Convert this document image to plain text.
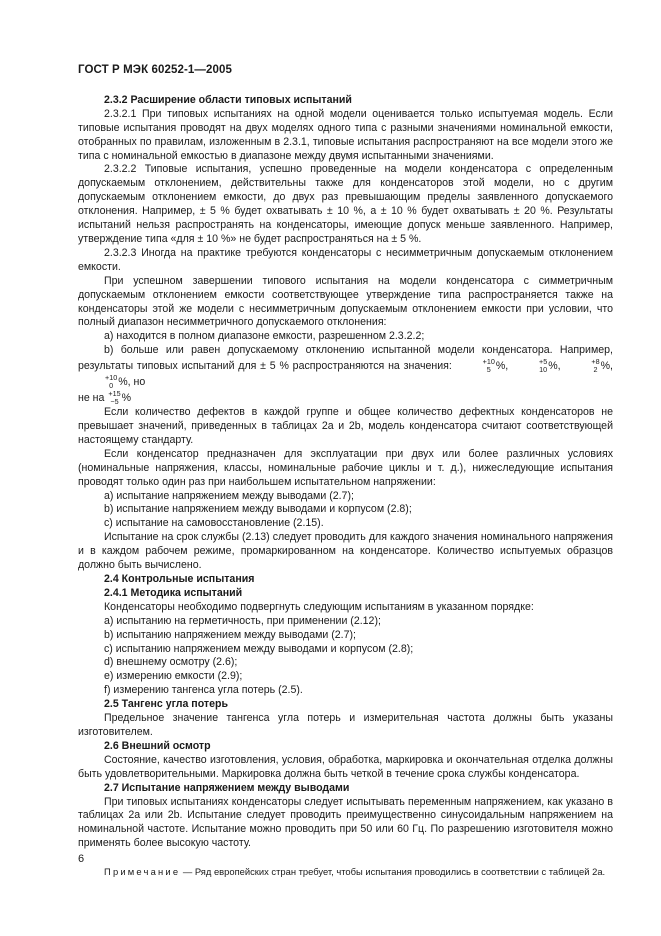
ГОСТ Р МЭК 60252-1—2005

2.3.2 Расширение области типовых испытаний

2.3.2.1 При типовых испытаниях на одной модели оценивается только испытуемая модель. Если типовые испытания проводят на двух моделях одного типа с разными значениями номинальной емкости, отобранных по правилам, изложенным в 2.3.1, типовые испытания распространяют на все модели этого же типа с номинальной емкостью в диапазоне между двумя испытанными значениями.

2.3.2.2 Типовые испытания, успешно проведенные на модели конденсатора с определенным допускаемым отклонением, действительны также для конденсаторов этой модели, но с другим допускаемым отклонением емкости, до двух раз превышающим пределы заявленного допускаемого отклонения. Например, ± 5 % будет охватывать ± 10 %, а ± 10 % будет охватывать ± 20 %. Результаты испытаний нельзя распространять на конденсаторы, имеющие допуск меньше заявленного. Например, утверждение типа «для ± 10 %» не будет распространяться на ± 5 %.

2.3.2.3 Иногда на практике требуются конденсаторы с несимметричным допускаемым отклонением емкости.

При успешном завершении типового испытания на модели конденсатора с симметричным допускаемым отклонением емкости соответствующее утверждение типа распространяется также на конденсаторы этой же модели с несимметричным допускаемым отклонением емкости при условии, что полный диапазон несимметричного допускаемого отклонения:

a) находится в полном диапазоне емкости, разрешенном 2.3.2.2;

b) больше или равен допускаемому отклонению испытанной модели конденсатора. Например, результаты типовых испытаний для ± 5 % распространяются на значения:	+10
5 %,	+5
10 %,	+8
2 %,
+10
0 %, но

не на +15
−5 %

Если количество дефектов в каждой группе и общее количество дефектных конденсаторов не превышает значений, приведенных в таблицах 2a и 2b, модель конденсатора считают соответствующей настоящему стандарту.

Если конденсатор предназначен для эксплуатации при двух или более различных условиях (номинальные напряжения, классы, номинальные рабочие циклы и т. д.), нижеследующие испытания проводят только один раз при наибольшем испытательном напряжении:

a) испытание напряжением между выводами (2.7);

b) испытание напряжением между выводами и корпусом (2.8);

c) испытание на самовосстановление (2.15).

Испытание на срок службы (2.13) следует проводить для каждого значения номинального напряжения и в каждом рабочем режиме, промаркированном на конденсаторе. Количество испытуемых образцов должно быть вычислено.

2.4 Контрольные испытания

2.4.1 Методика испытаний

Конденсаторы необходимо подвергнуть следующим испытаниям в указанном порядке:

a) испытанию на герметичность, при применении (2.12);

b) испытанию напряжением между выводами (2.7);

c) испытанию напряжением между выводами и корпусом (2.8);

d) внешнему осмотру (2.6);

e) измерению емкости (2.9);

f) измерению тангенса угла потерь (2.5).

2.5 Тангенс угла потерь

Предельное значение тангенса угла потерь и измерительная частота должны быть указаны изготовителем.

2.6 Внешний осмотр

Состояние, качество изготовления, условия, обработка, маркировка и окончательная отделка должны быть удовлетворительными. Маркировка должна быть четкой в течение срока службы конденсатора.

2.7 Испытание напряжением между выводами

При типовых испытаниях конденсаторы следует испытывать переменным напряжением, как указано в таблицах 2a или 2b. Испытание следует проводить преимущественно синусоидальным напряжением на номинальной частоте. Испытание можно проводить при 50 или 60 Гц. По разрешению изготовителя можно применять более высокую частоту.

Примечание — Ряд европейских стран требует, чтобы испытания проводились в соответствии с таблицей 2a.
6
